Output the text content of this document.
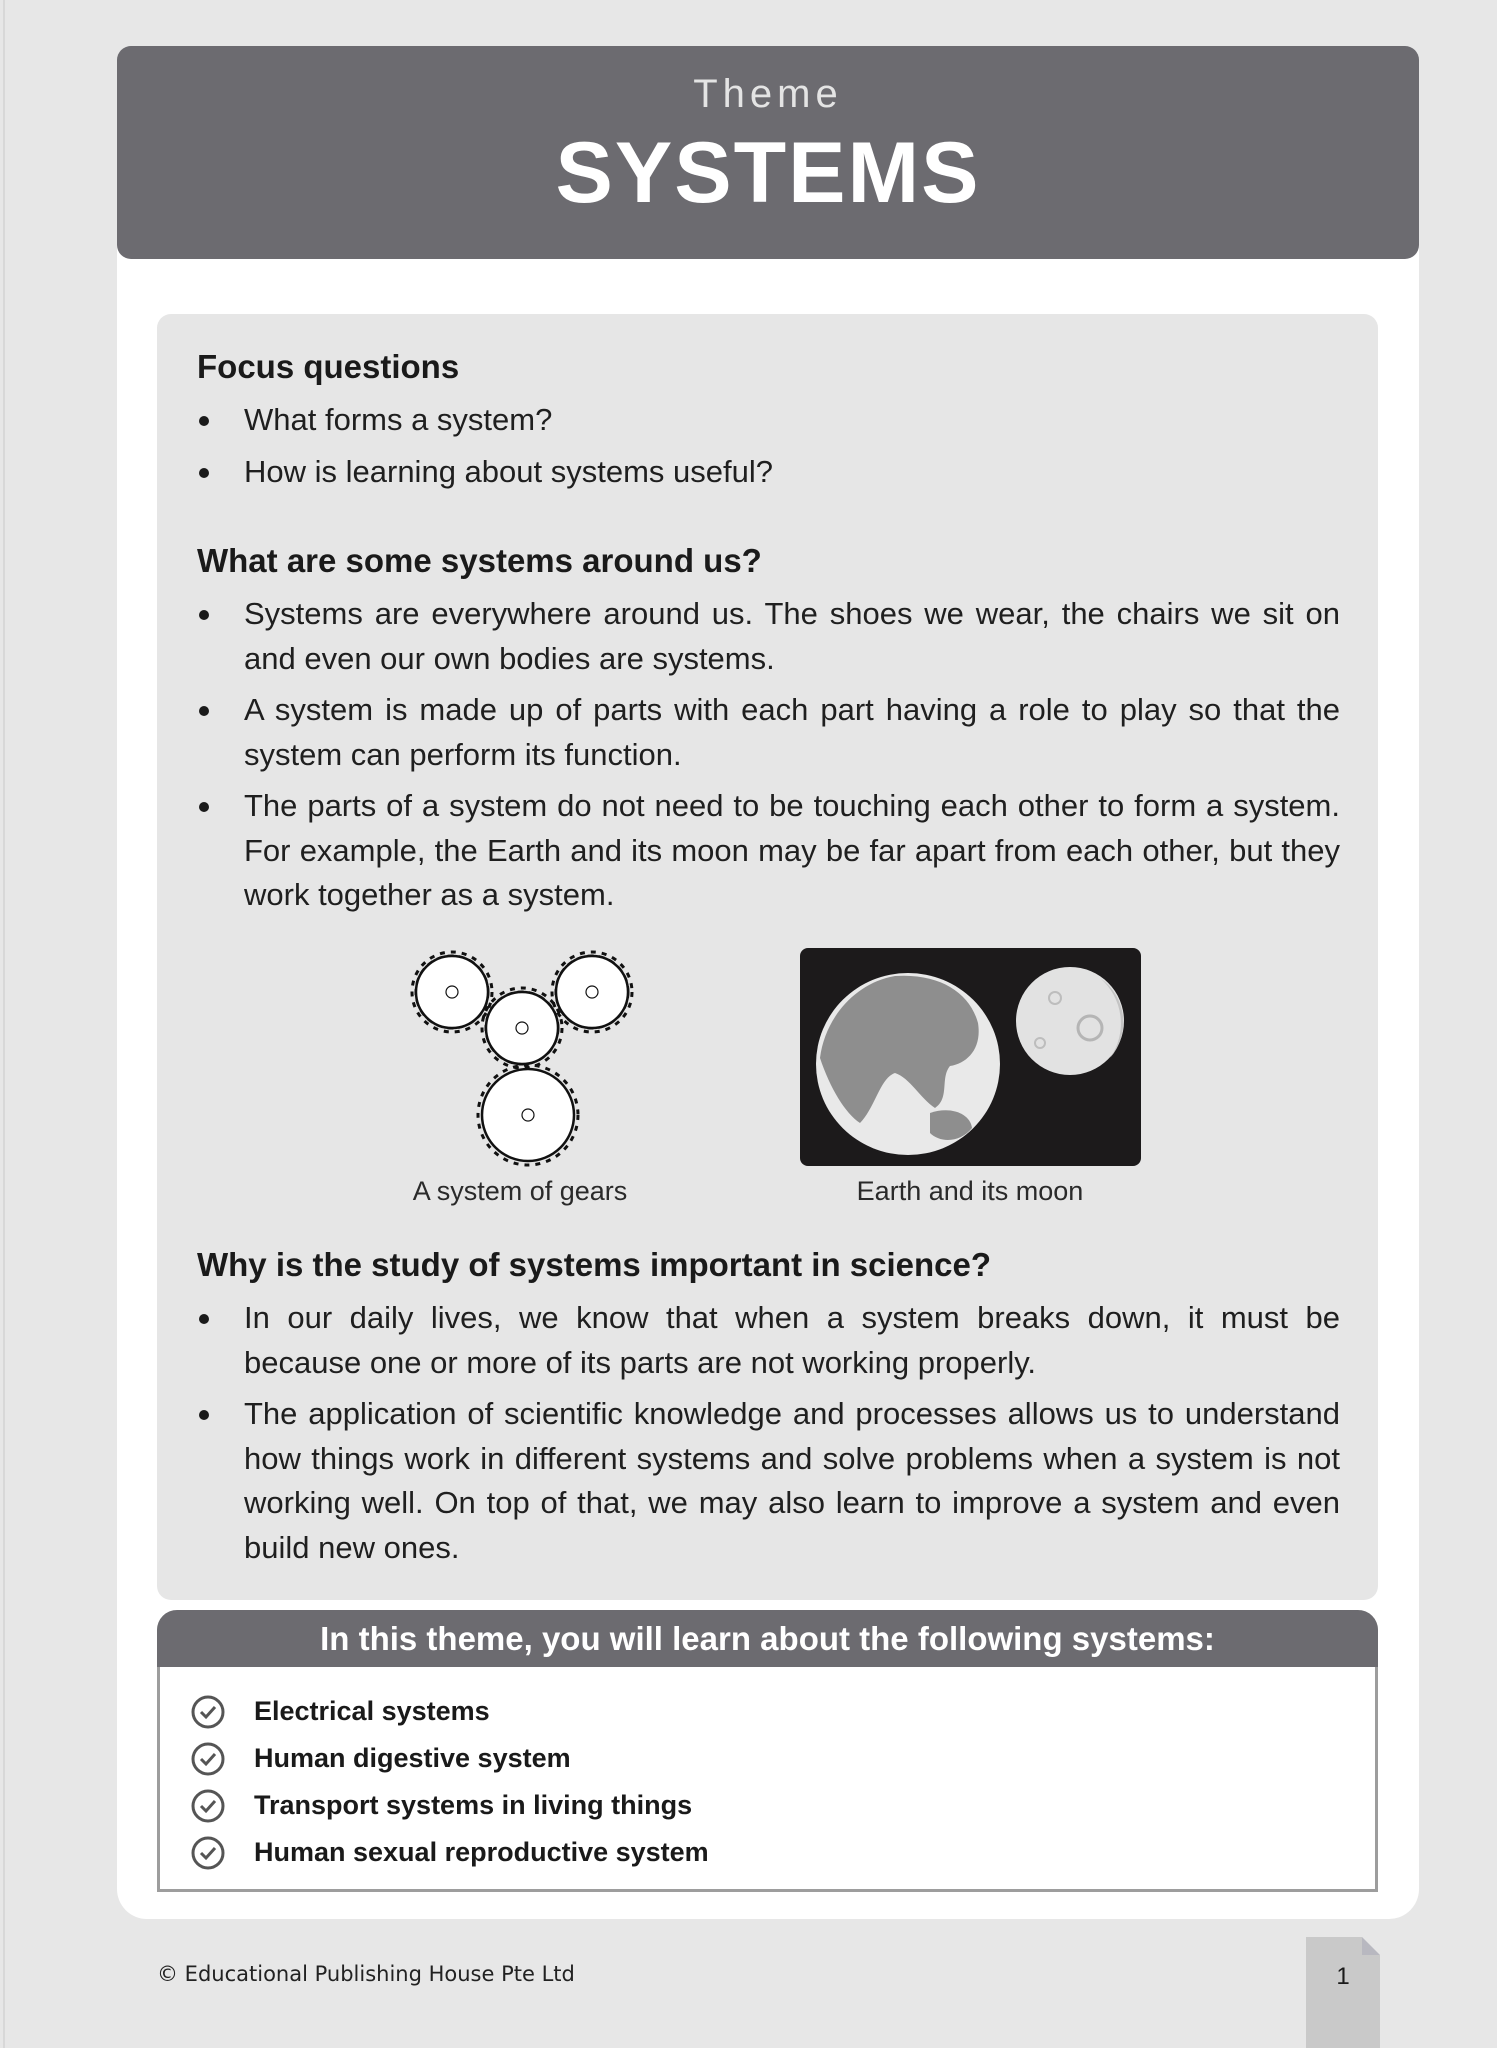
Theme
SYSTEMS
Focus questions
What forms a system?
How is learning about systems useful?
What are some systems around us?
Systems are everywhere around us. The shoes we wear, the chairs we sit on and even our own bodies are systems.
A system is made up of parts with each part having a role to play so that the system can perform its function.
The parts of a system do not need to be touching each other to form a system. For example, the Earth and its moon may be far apart from each other, but they work together as a system.
A system of gears	Earth and its moon
Why is the study of systems important in science?
In our daily lives, we know that when a system breaks down, it must be because one or more of its parts are not working properly.
The application of scientific knowledge and processes allows us to understand how things work in different systems and solve problems when a system is not working well. On top of that, we may also learn to improve a system and even build new ones.
In this theme, you will learn about the following systems:
Electrical systems
Human digestive system
Transport systems in living things
Human sexual reproductive system
© Educational Publishing House Pte Ltd	1
